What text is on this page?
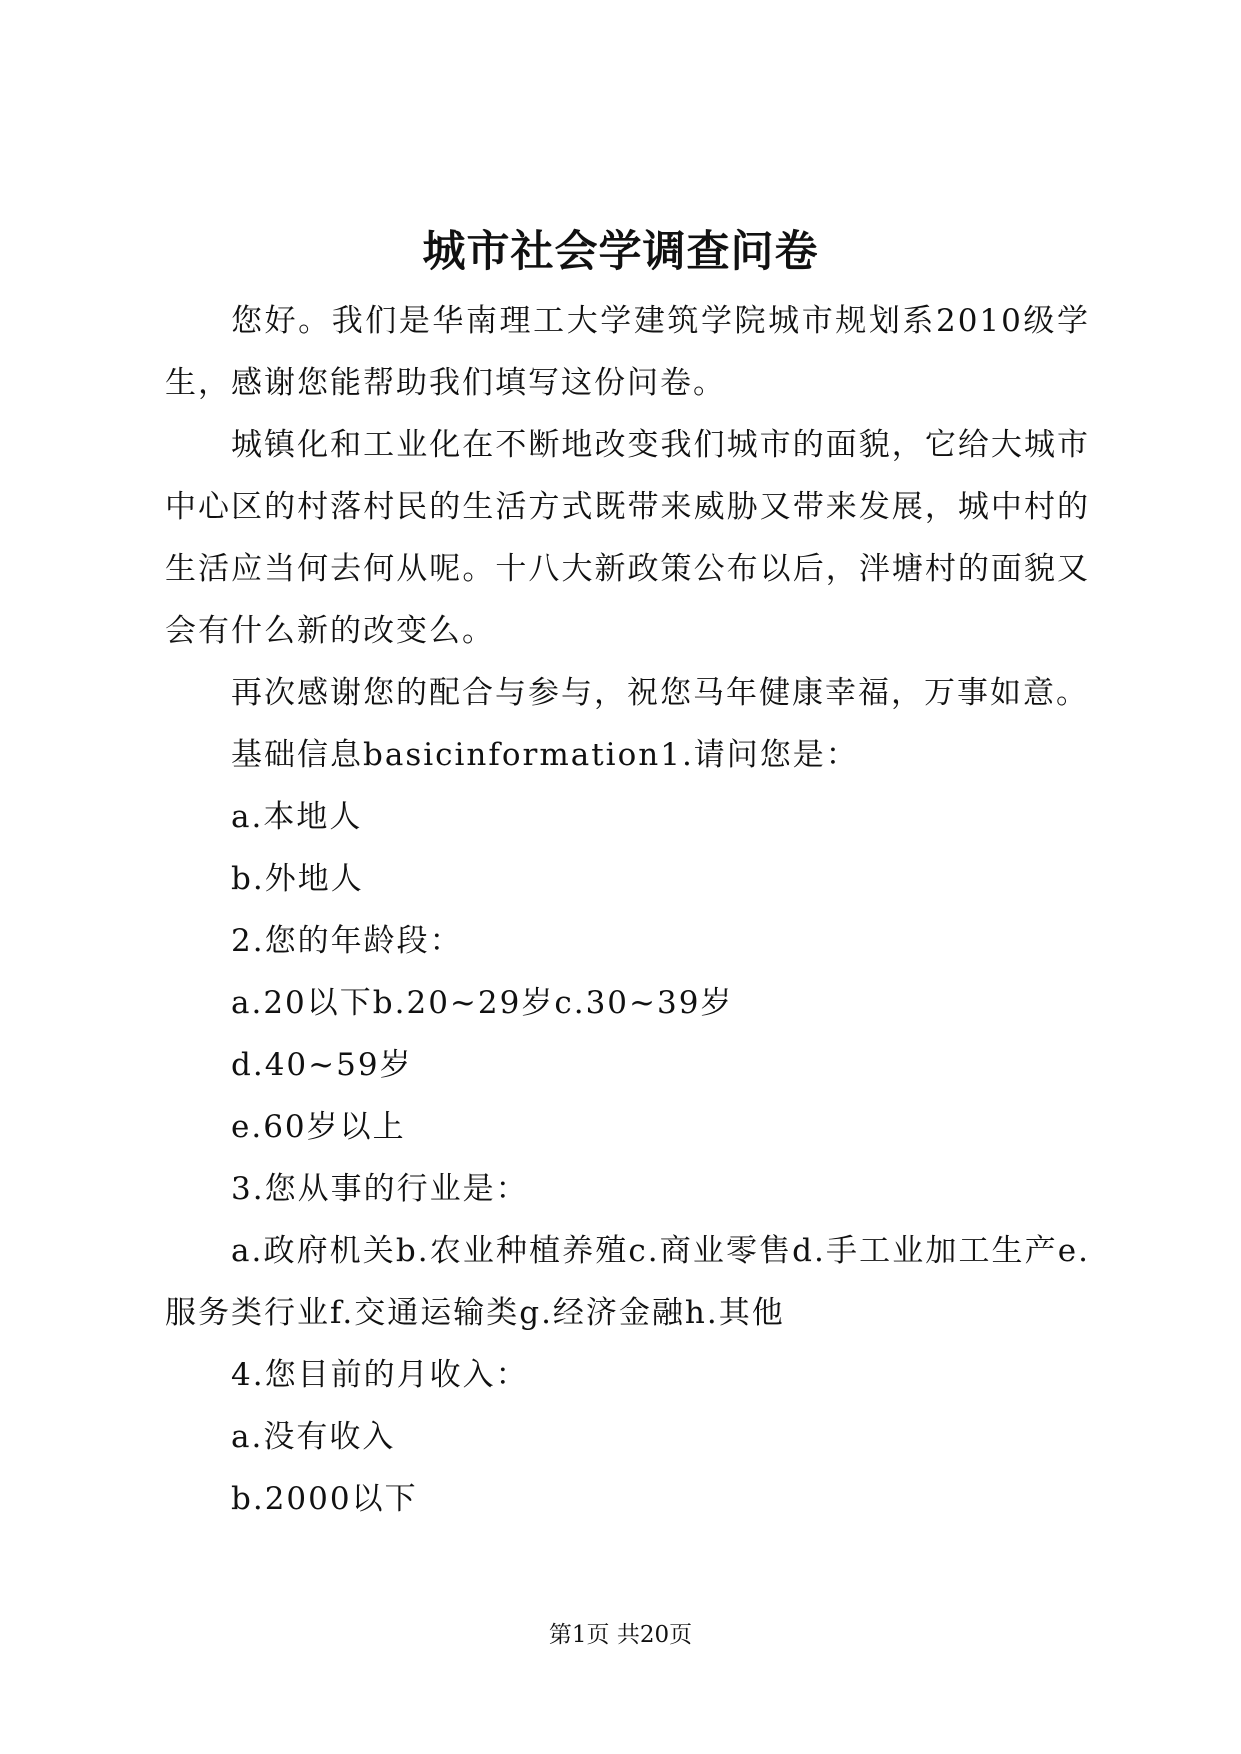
城市社会学调查问卷

您好。我们是华南理工大学建筑学院城市规划系2010级学生，感谢您能帮助我们填写这份问卷。

城镇化和工业化在不断地改变我们城市的面貌，它给大城市中心区的村落村民的生活方式既带来威胁又带来发展，城中村的生活应当何去何从呢。十八大新政策公布以后，泮塘村的面貌又会有什么新的改变么。

再次感谢您的配合与参与，祝您马年健康幸福，万事如意。

基础信息basicinformation1.请问您是：

a.本地人

b.外地人

2.您的年龄段：

a.20以下b.20~29岁c.30~39岁

d.40~59岁

e.60岁以上

3.您从事的行业是：

a.政府机关b.农业种植养殖c.商业零售d.手工业加工生产e.服务类行业f.交通运输类g.经济金融h.其他

4.您目前的月收入：

a.没有收入

b.2000以下

第1页 共20页
